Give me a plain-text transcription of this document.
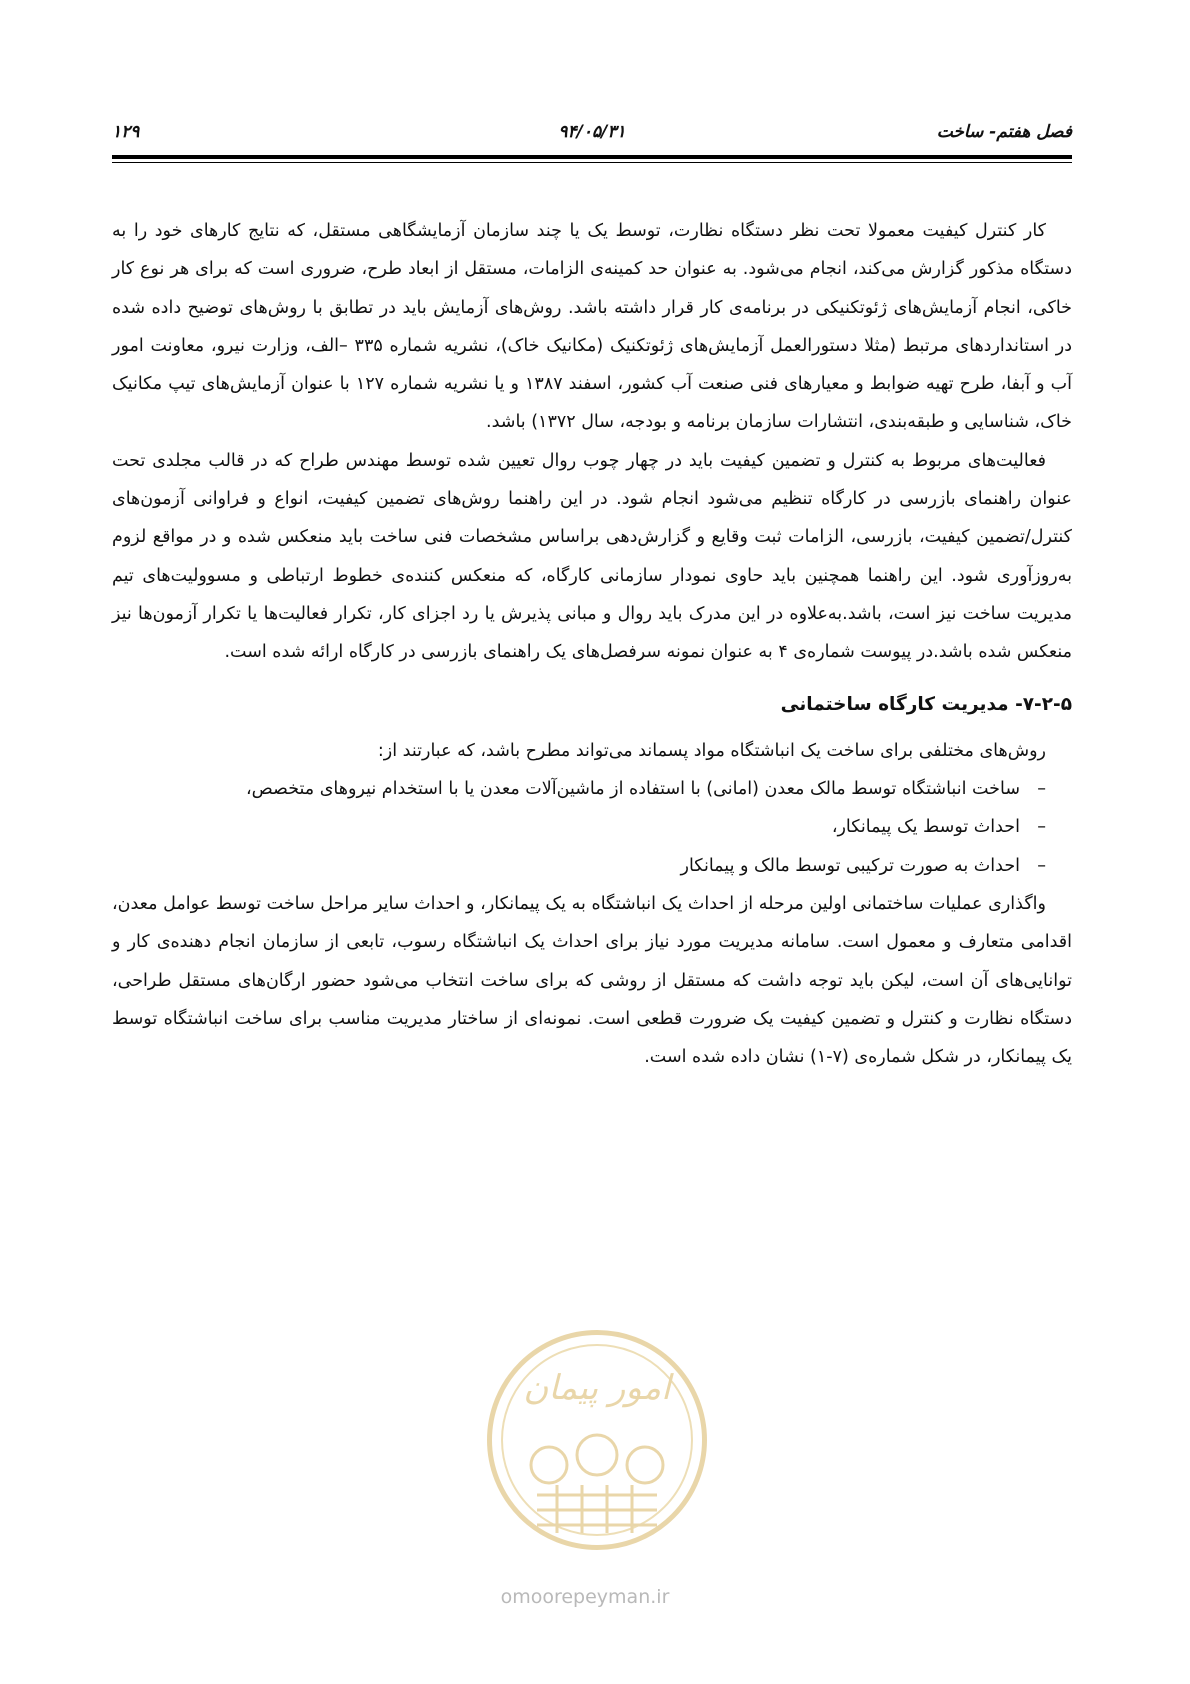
فصل هفتم- ساخت
۹۴/۰۵/۳۱
۱۲۹

کار کنترل کیفیت معمولا تحت نظر دستگاه نظارت، توسط یک یا چند سازمان آزمایشگاهی مستقل، که نتایج کارهای خود را به دستگاه مذکور گزارش می‌کند، انجام می‌شود. به عنوان حد کمینه‌ی الزامات، مستقل از ابعاد طرح، ضروری است که برای هر نوع کار خاکی، انجام آزمایش‌های ژئوتکنیکی در برنامه‌ی کار قرار داشته باشد. روش‌های آزمایش باید در تطابق با روش‌های توضیح داده شده در استانداردهای مرتبط (مثلا دستورالعمل آزمایش‌های ژئوتکنیک (مکانیک خاک)، نشریه شماره ۳۳۵ –الف، وزارت نیرو، معاونت امور آب و آبفا، طرح تهیه ضوابط و معیارهای فنی صنعت آب کشور، اسفند ۱۳۸۷ و یا نشریه شماره ۱۲۷ با عنوان آزمایش‌های تیپ مکانیک خاک، شناسایی و طبقه‌بندی، انتشارات سازمان برنامه و بودجه، سال ۱۳۷۲) باشد.

فعالیت‌های مربوط به کنترل و تضمین کیفیت باید در چهار چوب روال تعیین شده توسط مهندس طراح که در قالب مجلدی تحت عنوان راهنمای بازرسی در کارگاه تنظیم می‌شود انجام شود. در این راهنما روش‌های تضمین کیفیت، انواع و فراوانی آزمون‌های کنترل/تضمین کیفیت، بازرسی، الزامات ثبت وقایع و گزارش‌دهی براساس مشخصات فنی ساخت باید منعکس شده و در مواقع لزوم به‌روزآوری شود. این راهنما همچنین باید حاوی نمودار سازمانی کارگاه، که منعکس کننده‌ی خطوط ارتباطی و مسوولیت‌های تیم مدیریت ساخت نیز است، باشد.به‌علاوه در این مدرک باید روال و مبانی پذیرش یا رد اجزای کار، تکرار فعالیت‌ها یا تکرار آزمون‌ها نیز منعکس شده باشد.در پیوست شماره‌ی ۴ به عنوان نمونه سرفصل‌های یک راهنمای بازرسی در کارگاه ارائه شده است.

۷-۲-۵- مدیریت کارگاه ساختمانی

روش‌های مختلفی برای ساخت یک انباشتگاه مواد پسماند می‌تواند مطرح باشد، که عبارتند از:

–ساخت انباشتگاه توسط مالک معدن (امانی) با استفاده از ماشین‌آلات معدن یا با استخدام نیروهای متخصص،
–احداث توسط یک پیمانکار،
–احداث به صورت ترکیبی توسط مالک و پیمانکار

واگذاری عملیات ساختمانی اولین مرحله از احداث یک انباشتگاه به یک پیمانکار، و احداث سایر مراحل ساخت توسط عوامل معدن، اقدامی متعارف و معمول است. سامانه مدیریت مورد نیاز برای احداث یک انباشتگاه رسوب، تابعی از سازمان انجام دهنده‌ی کار و توانایی‌های آن است، لیکن باید توجه داشت که مستقل از روشی که برای ساخت انتخاب می‌شود حضور ارگان‌های مستقل طراحی، دستگاه نظارت و کنترل و تضمین کیفیت یک ضرورت قطعی است. نمونه‌ای از ساختار مدیریت مناسب برای ساخت انباشتگاه توسط یک پیمانکار، در شکل شماره‌ی (۷-۱) نشان داده شده است.

امور پیمان
omoorepeyman.ir
